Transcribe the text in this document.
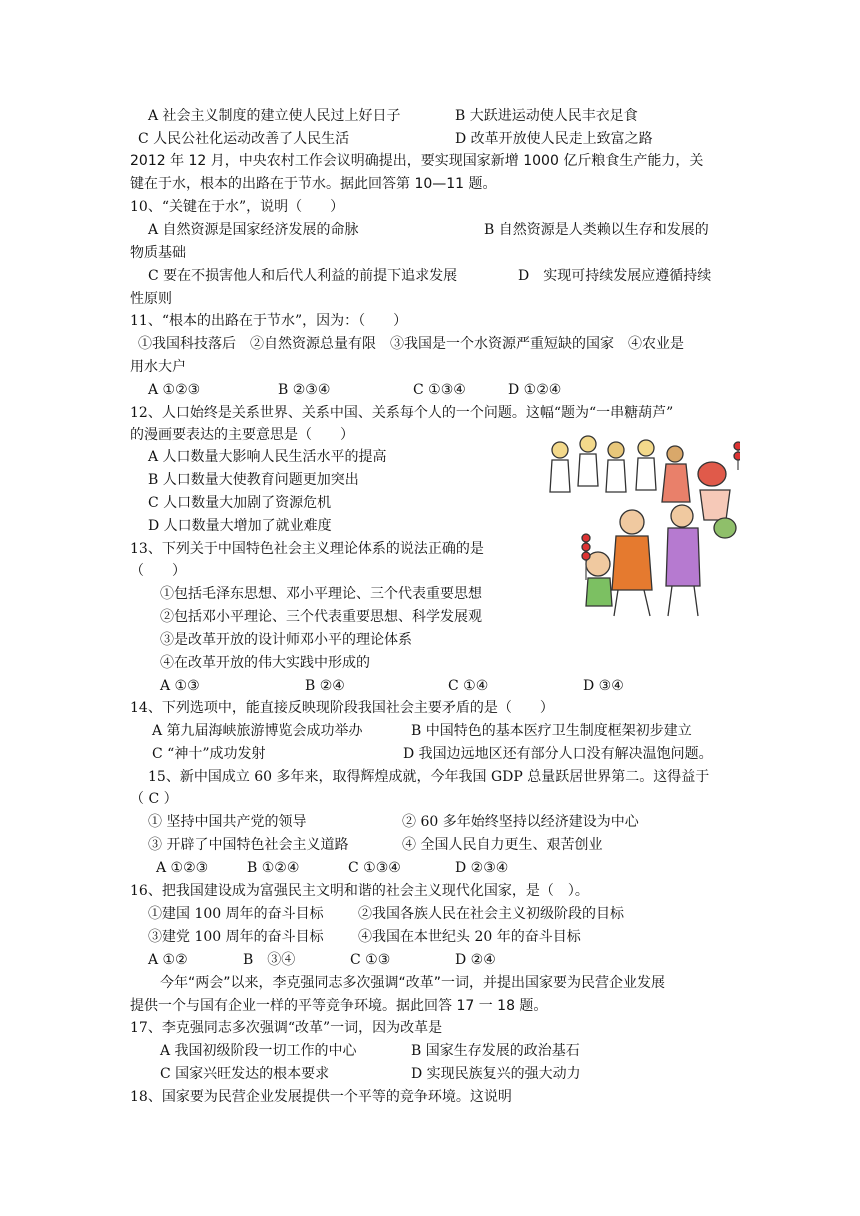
A 社会主义制度的建立使人民过上好日子	B 大跃进运动使人民丰衣足食
C 人民公社化运动改善了人民生活	D 改革开放使人民走上致富之路
2012 年 12 月，中央农村工作会议明确提出，要实现国家新增 1000 亿斤粮食生产能力，关
键在于水，根本的出路在于节水。据此回答第 10—11 题。
10、“关键在于水”，说明（　　）
A 自然资源是国家经济发展的命脉	B 自然资源是人类赖以生存和发展的
物质基础
C 要在不损害他人和后代人利益的前提下追求发展	D　实现可持续发展应遵循持续
性原则
11、“根本的出路在于节水”，因为：（　　）
①我国科技落后　②自然资源总量有限　③我国是一个水资源严重短缺的国家　④农业是
用水大户
A ①②③	B ②③④	C ①③④	D ①②④
12、人口始终是关系世界、关系中国、关系每个人的一个问题。这幅“题为“一串糖葫芦”
的漫画要表达的主要意思是（　　）
A 人口数量大影响人民生活水平的提高
B 人口数量大使教育问题更加突出
C 人口数量大加剧了资源危机
D 人口数量大增加了就业难度
13、下列关于中国特色社会主义理论体系的说法正确的是
（　　）
①包括毛泽东思想、邓小平理论、三个代表重要思想
②包括邓小平理论、三个代表重要思想、科学发展观
③是改革开放的设计师邓小平的理论体系
④在改革开放的伟大实践中形成的
A ①③	B ②④	C ①④	D ③④
14、下列选项中，能直接反映现阶段我国社会主要矛盾的是（　　）
A 第九届海峡旅游博览会成功举办	B 中国特色的基本医疗卫生制度框架初步建立
C “神十”成功发射	D 我国边远地区还有部分人口没有解决温饱问题。
15、新中国成立 60 多年来，取得辉煌成就，今年我国 GDP 总量跃居世界第二。这得益于
（ C ）
① 坚持中国共产党的领导	② 60 多年始终坚持以经济建设为中心
③ 开辟了中国特色社会主义道路	④ 全国人民自力更生、艰苦创业
A ①②③	B ①②④	C ①③④	D ②③④
16、把我国建设成为富强民主文明和谐的社会主义现代化国家，是（　）。
①建国 100 周年的奋斗目标 ②我国各族人民在社会主义初级阶段的目标
③建党 100 周年的奋斗目标 ④我国在本世纪头 20 年的奋斗目标
A ①②	B　③④	C ①③	D ②④
今年“两会”以来，李克强同志多次强调“改革”一词，并提出国家要为民营企业发展
提供一个与国有企业一样的平等竞争环境。据此回答 17 一 18 题。
17、李克强同志多次强调“改革”一词，因为改革是
A 我国初级阶段一切工作的中心	B 国家生存发展的政治基石
C 国家兴旺发达的根本要求	D 实现民族复兴的强大动力
18、国家要为民营企业发展提供一个平等的竞争环境。这说明
